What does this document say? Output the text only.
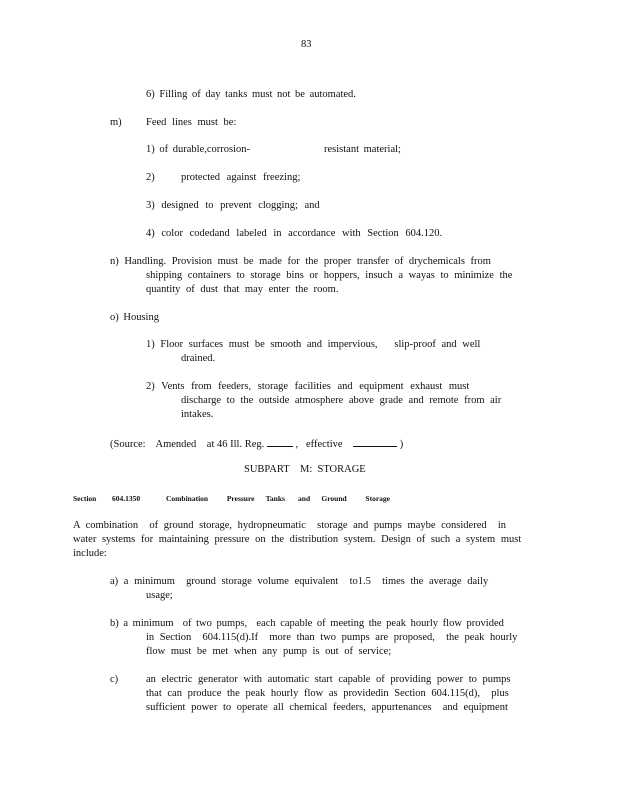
83
6) Filling of day tanks must not be automated.
m) Feed lines must be:
1) of durable,corrosion-                resistant material;
2)	protected against freezing;
3) designed to prevent clogging; and
4) color codedand labeled in accordance with Section 604.120.
n) Handling. Provision must be made for the proper transfer of drychemicals from
shipping containers to storage bins or hoppers, insuch a wayas to minimize the
quantity of dust that may enter the room.
o) Housing
1) Floor surfaces must be smooth and impervious,   slip-proof and well
drained.
2) Vents from feeders, storage facilities and equipment exhaust must
discharge to the outside atmosphere above grade and remote from air
intakes.
(Source:    Amended    at 46 Ill. Reg.	,   effective	)
SUBPART    M:  STORAGE
Section 604.1350	Combination          Pressure      Tanks       and      Ground          Storage
A combination  of ground storage, hydropneumatic  storage and pumps maybe considered  in
water systems for maintaining pressure on the distribution system. Design of such a system must
include:
a) a minimum  ground storage volume equivalent  to1.5  times the average daily
usage;
b) a minimum  of two pumps,  each capable of meeting the peak hourly flow provided
in Section  604.115(d).If  more than two pumps are proposed,  the peak hourly
flow must be met when any pump is out of service;
c)	an electric generator with automatic start capable of providing power to pumps
that can produce the peak hourly flow as providedin Section 604.115(d),  plus
sufficient power to operate all chemical feeders, appurtenances  and equipment
